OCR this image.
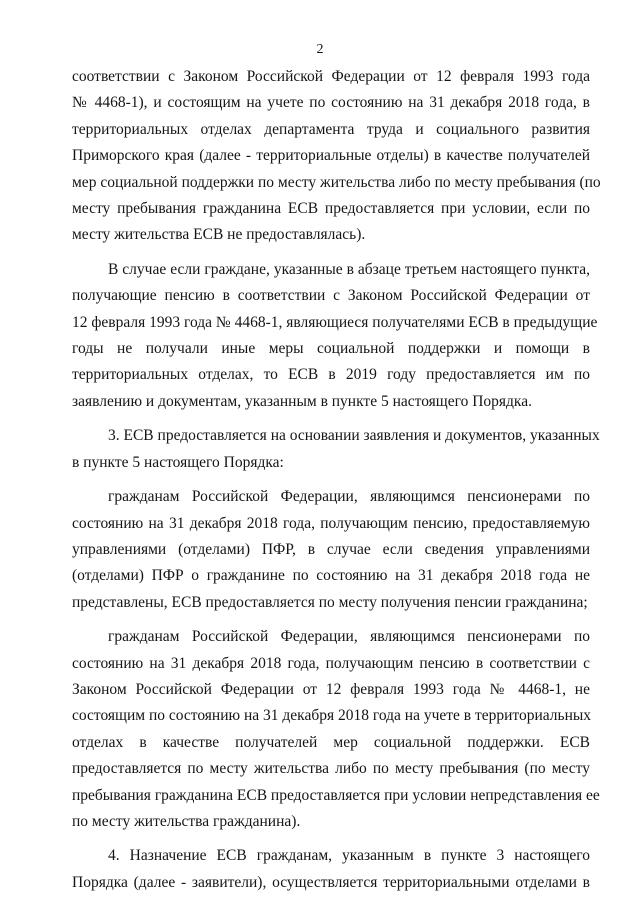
2
соответствии с Законом Российской Федерации от 12 февраля 1993 года
№ 4468-1), и состоящим на учете по состоянию на 31 декабря 2018 года, в
территориальных отделах департамента труда и социального развития
Приморского края (далее - территориальные отделы) в качестве получателей
мер социальной поддержки по месту жительства либо по месту пребывания (по
месту пребывания гражданина ЕСВ предоставляется при условии, если по
месту жительства ЕСВ не предоставлялась).
В случае если граждане, указанные в абзаце третьем настоящего пункта,
получающие пенсию в соответствии с Законом Российской Федерации от
12 февраля 1993 года № 4468-1, являющиеся получателями ЕСВ в предыдущие
годы не получали иные меры социальной поддержки и помощи в
территориальных отделах, то ЕСВ в 2019 году предоставляется им по
заявлению и документам, указанным в пункте 5 настоящего Порядка.
3. ЕСВ предоставляется на основании заявления и документов, указанных
в пункте 5 настоящего Порядка:
гражданам Российской Федерации, являющимся пенсионерами по
состоянию на 31 декабря 2018 года, получающим пенсию, предоставляемую
управлениями (отделами) ПФР, в случае если сведения управлениями
(отделами) ПФР о гражданине по состоянию на 31 декабря 2018 года не
представлены, ЕСВ предоставляется по месту получения пенсии гражданина;
гражданам Российской Федерации, являющимся пенсионерами по
состоянию на 31 декабря 2018 года, получающим пенсию в соответствии с
Законом Российской Федерации от 12 февраля 1993 года № 4468-1, не
состоящим по состоянию на 31 декабря 2018 года на учете в территориальных
отделах в качестве получателей мер социальной поддержки. ЕСВ
предоставляется по месту жительства либо по месту пребывания (по месту
пребывания гражданина ЕСВ предоставляется при условии непредставления ее
по месту жительства гражданина).
4. Назначение ЕСВ гражданам, указанным в пункте 3 настоящего
Порядка (далее - заявители), осуществляется территориальными отделами в
